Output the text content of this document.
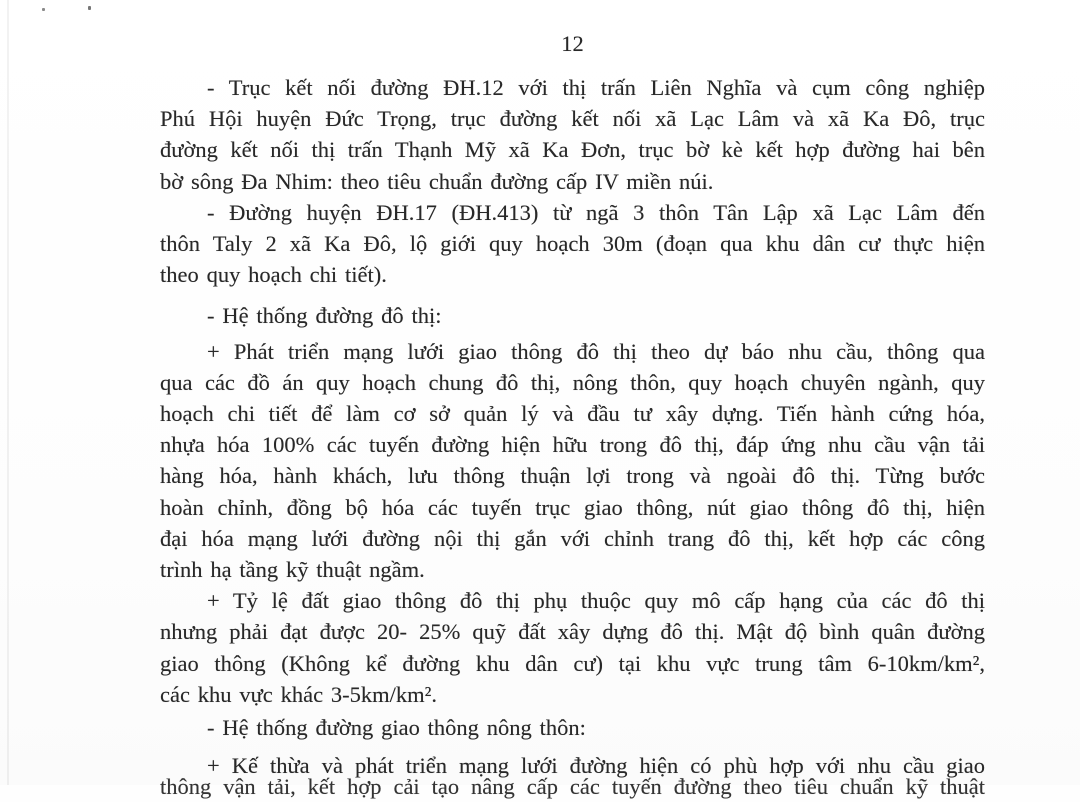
12
- Trục kết nối đường ĐH.12 với thị trấn Liên Nghĩa và cụm công nghiệp
Phú Hội huyện Đức Trọng, trục đường kết nối xã Lạc Lâm và xã Ka Đô, trục
đường kết nối thị trấn Thạnh Mỹ xã Ka Đơn, trục bờ kè kết hợp đường hai bên
bờ sông Đa Nhim: theo tiêu chuẩn đường cấp IV miền núi.
- Đường huyện ĐH.17 (ĐH.413) từ ngã 3 thôn Tân Lập xã Lạc Lâm đến
thôn Taly 2 xã Ka Đô, lộ giới quy hoạch 30m (đoạn qua khu dân cư thực hiện
theo quy hoạch chi tiết).
- Hệ thống đường đô thị:
+ Phát triển mạng lưới giao thông đô thị theo dự báo nhu cầu, thông qua
qua các đồ án quy hoạch chung đô thị, nông thôn, quy hoạch chuyên ngành, quy
hoạch chi tiết để làm cơ sở quản lý và đầu tư xây dựng. Tiến hành cứng hóa,
nhựa hóa 100% các tuyến đường hiện hữu trong đô thị, đáp ứng nhu cầu vận tải
hàng hóa, hành khách, lưu thông thuận lợi trong và ngoài đô thị. Từng bước
hoàn chỉnh, đồng bộ hóa các tuyến trục giao thông, nút giao thông đô thị, hiện
đại hóa mạng lưới đường nội thị gắn với chỉnh trang đô thị, kết hợp các công
trình hạ tầng kỹ thuật ngầm.
+ Tỷ lệ đất giao thông đô thị phụ thuộc quy mô cấp hạng của các đô thị
nhưng phải đạt được 20- 25% quỹ đất xây dựng đô thị. Mật độ bình quân đường
giao thông (Không kể đường khu dân cư) tại khu vực trung tâm 6-10km/km²,
các khu vực khác 3-5km/km².
- Hệ thống đường giao thông nông thôn:
+ Kế thừa và phát triển mạng lưới đường hiện có phù hợp với nhu cầu giao
thông vận tải, kết hợp cải tạo nâng cấp các tuyến đường theo tiêu chuẩn kỹ thuật
